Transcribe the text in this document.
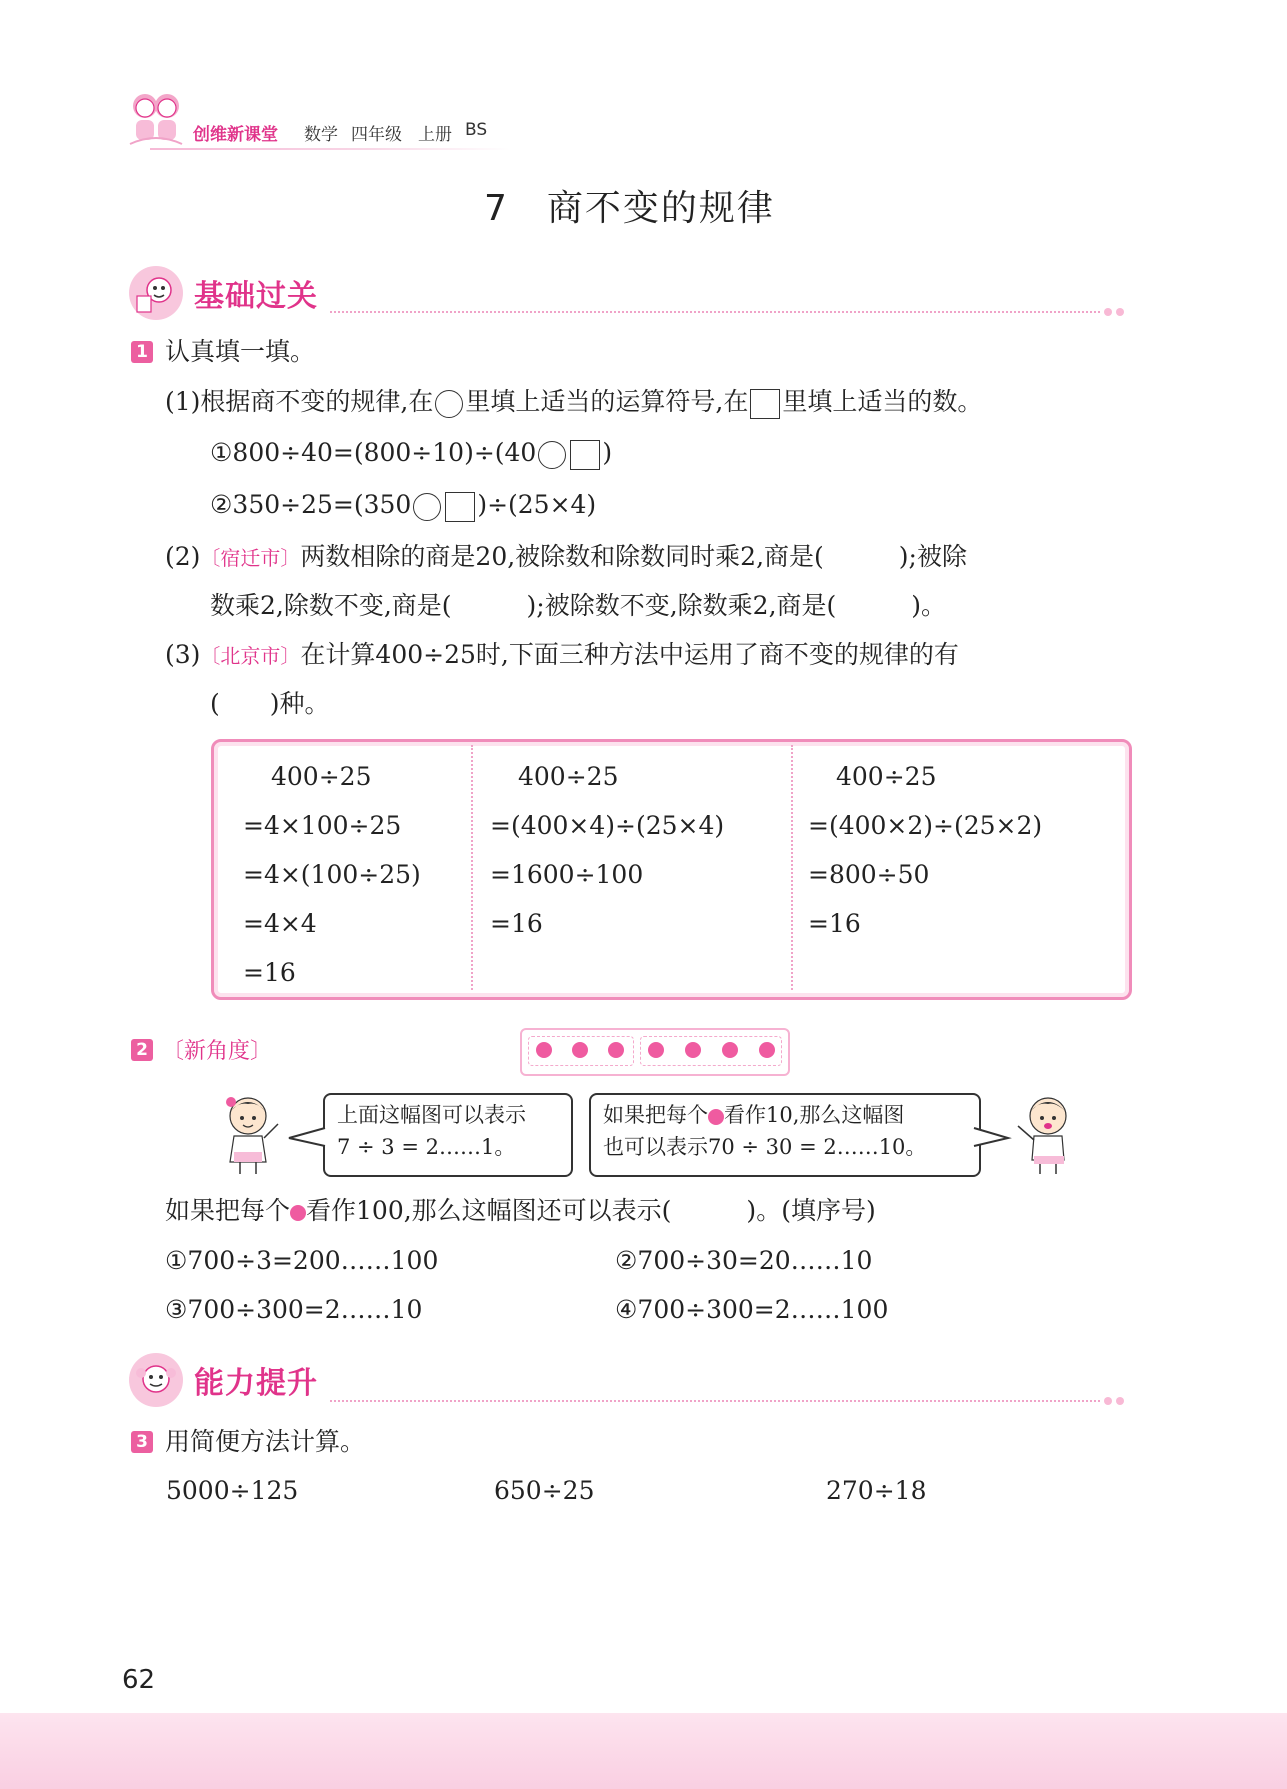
创维新课堂 数学 四年级 上册 BS
7　商不变的规律
基础过关
1 认真填一填。
(1)根据商不变的规律,在 里填上适当的运算符号,在 里填上适当的数。
①800÷40=(800÷10)÷(40	)
②350÷25=(350	)÷(25×4)
(2)〔宿迁市〕两数相除的商是20,被除数和除数同时乘2,商是(　　　);被除
数乘2,除数不变,商是(　　　);被除数不变,除数乘2,商是(　　　)。
(3)〔北京市〕在计算400÷25时,下面三种方法中运用了商不变的规律的有
(　　)种。
400÷25
=4×100÷25
=4×(100÷25)
=4×4
=16
400÷25
=(400×4)÷(25×4)
=1600÷100
=16
400÷25
=(400×2)÷(25×2)
=800÷50
=16
2 〔新角度〕
上面这幅图可以表示
7 ÷ 3 = 2……1。
如果把每个 看作10,那么这幅图
也可以表示70 ÷ 30 = 2……10。
如果把每个 看作100,那么这幅图还可以表示(　　　)。(填序号)
①700÷3=200……100	②700÷30=20……10
③700÷300=2……10	④700÷300=2……100
能力提升
3 用简便方法计算。
5000÷125	650÷25	270÷18
62
